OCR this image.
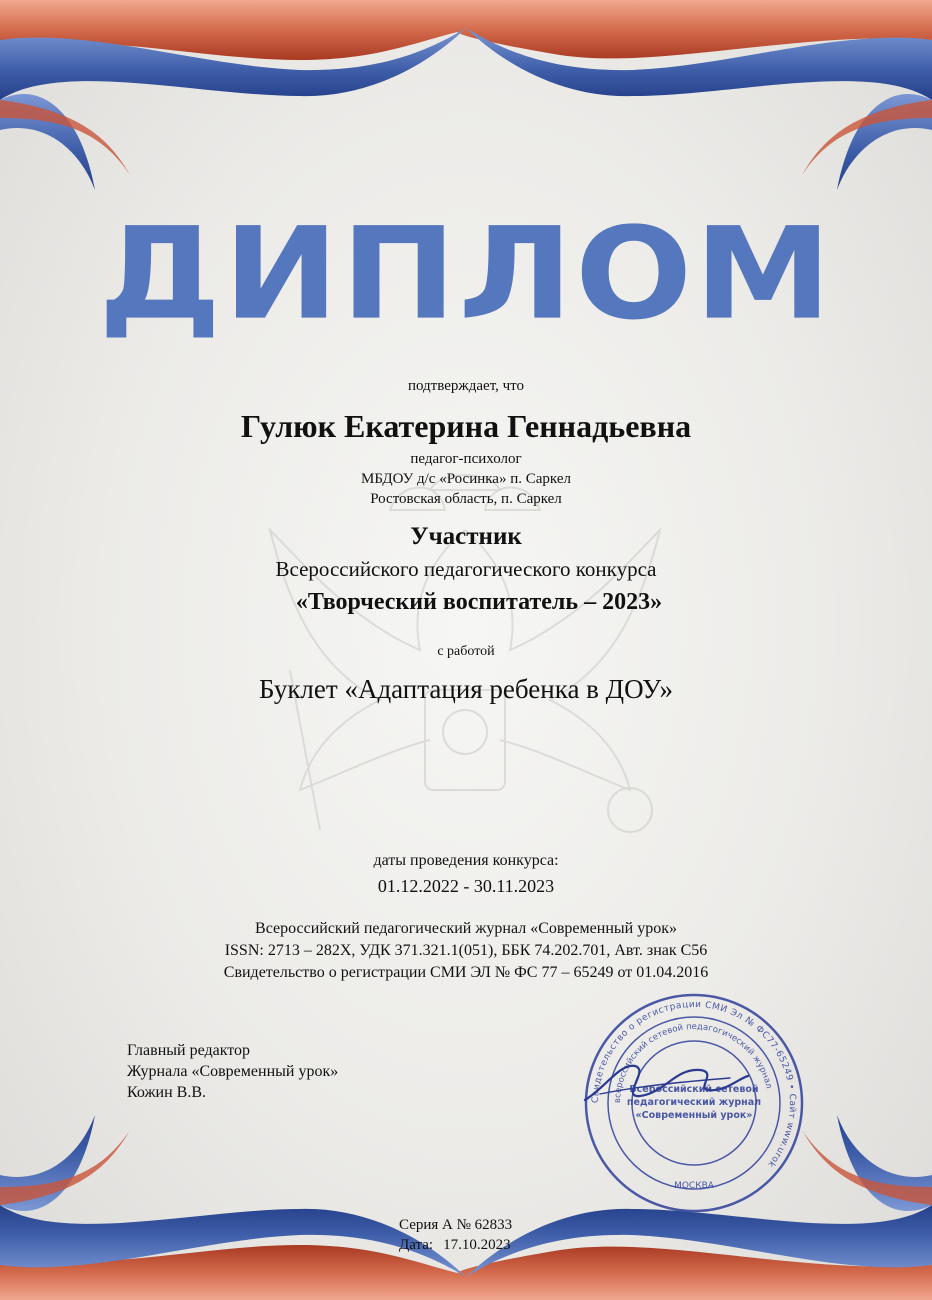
ДИПЛОМ
подтверждает, что
Гулюк Екатерина Геннадьевна
педагог-психолог
МБДОУ д/с «Росинка» п. Саркел
Ростовская область, п. Саркел
Участник
Всероссийского педагогического конкурса
«Творческий воспитатель – 2023»
с работой
Буклет «Адаптация ребенка в ДОУ»
даты проведения конкурса:
01.12.2022 - 30.11.2023
Всероссийский педагогический журнал «Современный урок»
ISSN: 2713 – 282X, УДК 371.321.1(051), ББК 74.202.701, Авт. знак С56
Свидетельство о регистрации СМИ ЭЛ № ФС 77 – 65249 от 01.04.2016
Главный редактор
Журнала «Современный урок»
Кожин В.В.	Свидетельство о регистрации СМИ Эл № ФС77-65249 • Сайт www.urok
всероссийский сетевой педагогический журнал
Всероссийский сетевой
педагогический журнал
«Современный урок»
МОСКВА
Серия А № 62833
Дата: 17.10.2023
